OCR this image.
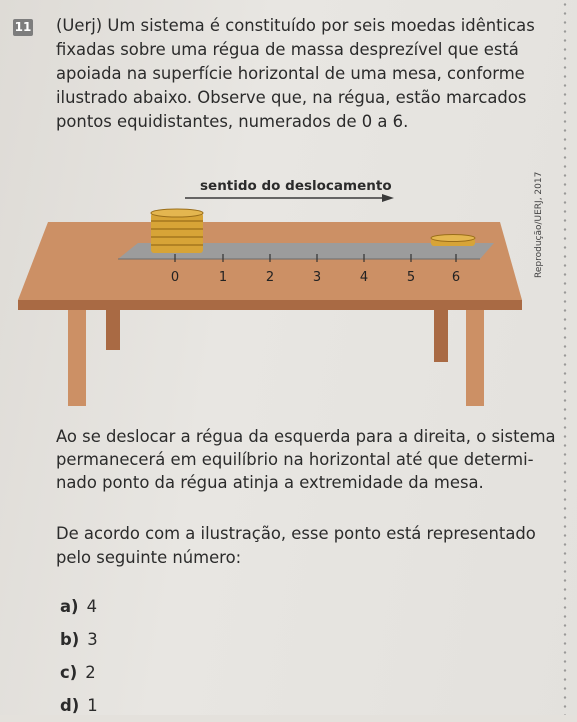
11 (Uerj) Um sistema é constituído por seis moedas idênticas
fixadas sobre uma régua de massa desprezível que está
apoiada na superfície horizontal de uma mesa, conforme
ilustrado abaixo. Observe que, na régua, estão marcados
pontos equidistantes, numerados de 0 a 6.
Reprodução/UERJ, 2017
sentido do deslocamento
0	1	2	3	4	5	6
Ao se deslocar a régua da esquerda para a direita, o sistema
permanecerá em equilíbrio na horizontal até que determi-
nado ponto da régua atinja a extremidade da mesa.
De acordo com a ilustração, esse ponto está representado
pelo seguinte número:
a) 4
b) 3
c) 2
d) 1
